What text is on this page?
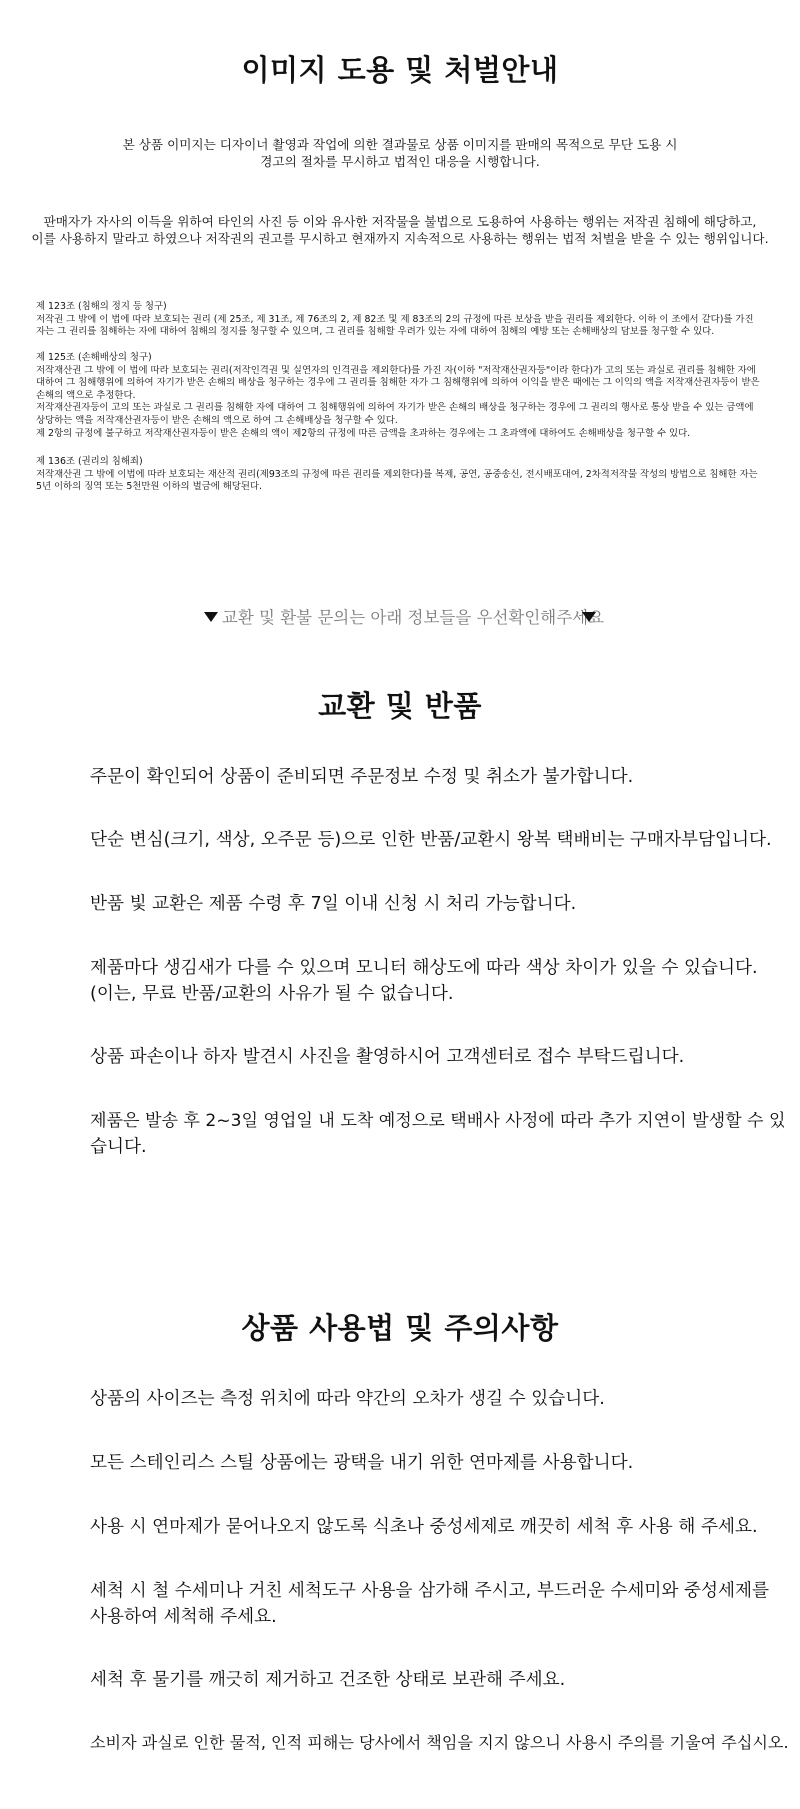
이미지 도용 및 처벌안내

본 상품 이미지는 디자이너 촬영과 작업에 의한 결과물로 상품 이미지를 판매의 목적으로 무단 도용 시
경고의 절차를 무시하고 법적인 대응을 시행합니다.

판매자가 자사의 이득을 위하여 타인의 사진 등 이와 유사한 저작물을 불법으로 도용하여 사용하는 행위는 저작권 침해에 해당하고,
이를 사용하지 말라고 하였으나 저작권의 권고를 무시하고 현재까지 지속적으로 사용하는 행위는 법적 처벌을 받을 수 있는 행위입니다.

제 123조 (침해의 정지 등 청구)
저작권 그 밖에 이 법에 따라 보호되는 권리 (제 25조, 제 31조, 제 76조의 2, 제 82조 및 제 83조의 2의 규정에 따른 보상을 받을 권리를 제외한다. 이하 이 조에서 같다)를 가진
자는 그 권리를 침해하는 자에 대하여 침해의 정지를 청구할 수 있으며, 그 권리를 침해할 우려가 있는 자에 대하여 침해의 예방 또는 손해배상의 담보를 청구할 수 있다.
제 125조 (손해배상의 청구)
저작재산권 그 밖에 이 법에 따라 보호되는 권리(저작인격권 및 실연자의 인격권을 제외한다)를 가진 자(이하 "저작재산권자등"이라 한다)가 고의 또는 과실로 권리를 침해한 자에
대하여 그 침해행위에 의하여 자기가 받은 손해의 배상을 청구하는 경우에 그 권리를 침해한 자가 그 침해행위에 의하여 이익을 받은 때에는 그 이익의 액을 저작재산권자등이 받은
손해의 액으로 추정한다.
저작재산권자등이 고의 또는 과실로 그 권리를 침해한 자에 대하여 그 침해행위에 의하여 자기가 받은 손해의 배상을 청구하는 경우에 그 권리의 행사로 통상 받을 수 있는 금액에
상당하는 액을 저작재산권자등이 받은 손해의 액으로 하여 그 손해배상을 청구할 수 있다.
제 2항의 규정에 불구하고 저작재산권자등이 받은 손해의 액이 제2항의 규정에 따른 금액을 초과하는 경우에는 그 초과액에 대하여도 손해배상을 청구할 수 있다.
제 136조 (권리의 침해죄)
저작재산권 그 밖에 이법에 따라 보호되는 재산적 권리(제93조의 규정에 따른 권리를 제외한다)를 복제, 공연, 공중송신, 전시배포대여, 2차적저작물 작성의 방법으로 침해한 자는
5년 이하의 징역 또는 5천만원 이하의 벌금에 해당된다.
교환 및 환불 문의는 아래 정보들을 우선확인해주세요
교환 및 반품
주문이 확인되어 상품이 준비되면 주문정보 수정 및 취소가 불가합니다.
단순 변심(크기, 색상, 오주문 등)으로 인한 반품/교환시 왕복 택배비는 구매자부담입니다.
반품 빛 교환은 제품 수령 후 7일 이내 신청 시 처리 가능합니다.
제품마다 생김새가 다를 수 있으며 모니터 해상도에 따라 색상 차이가 있을 수 있습니다.
(이는, 무료 반품/교환의 사유가 될 수 없습니다.
상품 파손이나 하자 발견시 사진을 촬영하시어 고객센터로 접수 부탁드립니다.
제품은 발송 후 2~3일 영업일 내 도착 예정으로 택배사 사정에 따라 추가 지연이 발생할 수 있
습니다.
상품 사용법 및 주의사항
상품의 사이즈는 측정 위치에 따라 약간의 오차가 생길 수 있습니다.
모든 스테인리스 스틸 상품에는 광택을 내기 위한 연마제를 사용합니다.
사용 시 연마제가 묻어나오지 않도록 식초나 중성세제로 깨끗히 세척 후 사용 해 주세요.
세척 시 철 수세미나 거친 세척도구 사용을 삼가해 주시고, 부드러운 수세미와 중성세제를
사용하여 세척해 주세요.
세척 후 물기를 깨긋히 제거하고 건조한 상태로 보관해 주세요.
소비자 과실로 인한 물적, 인적 피해는 당사에서 책임을 지지 않으니 사용시 주의를 기울여 주십시오.
